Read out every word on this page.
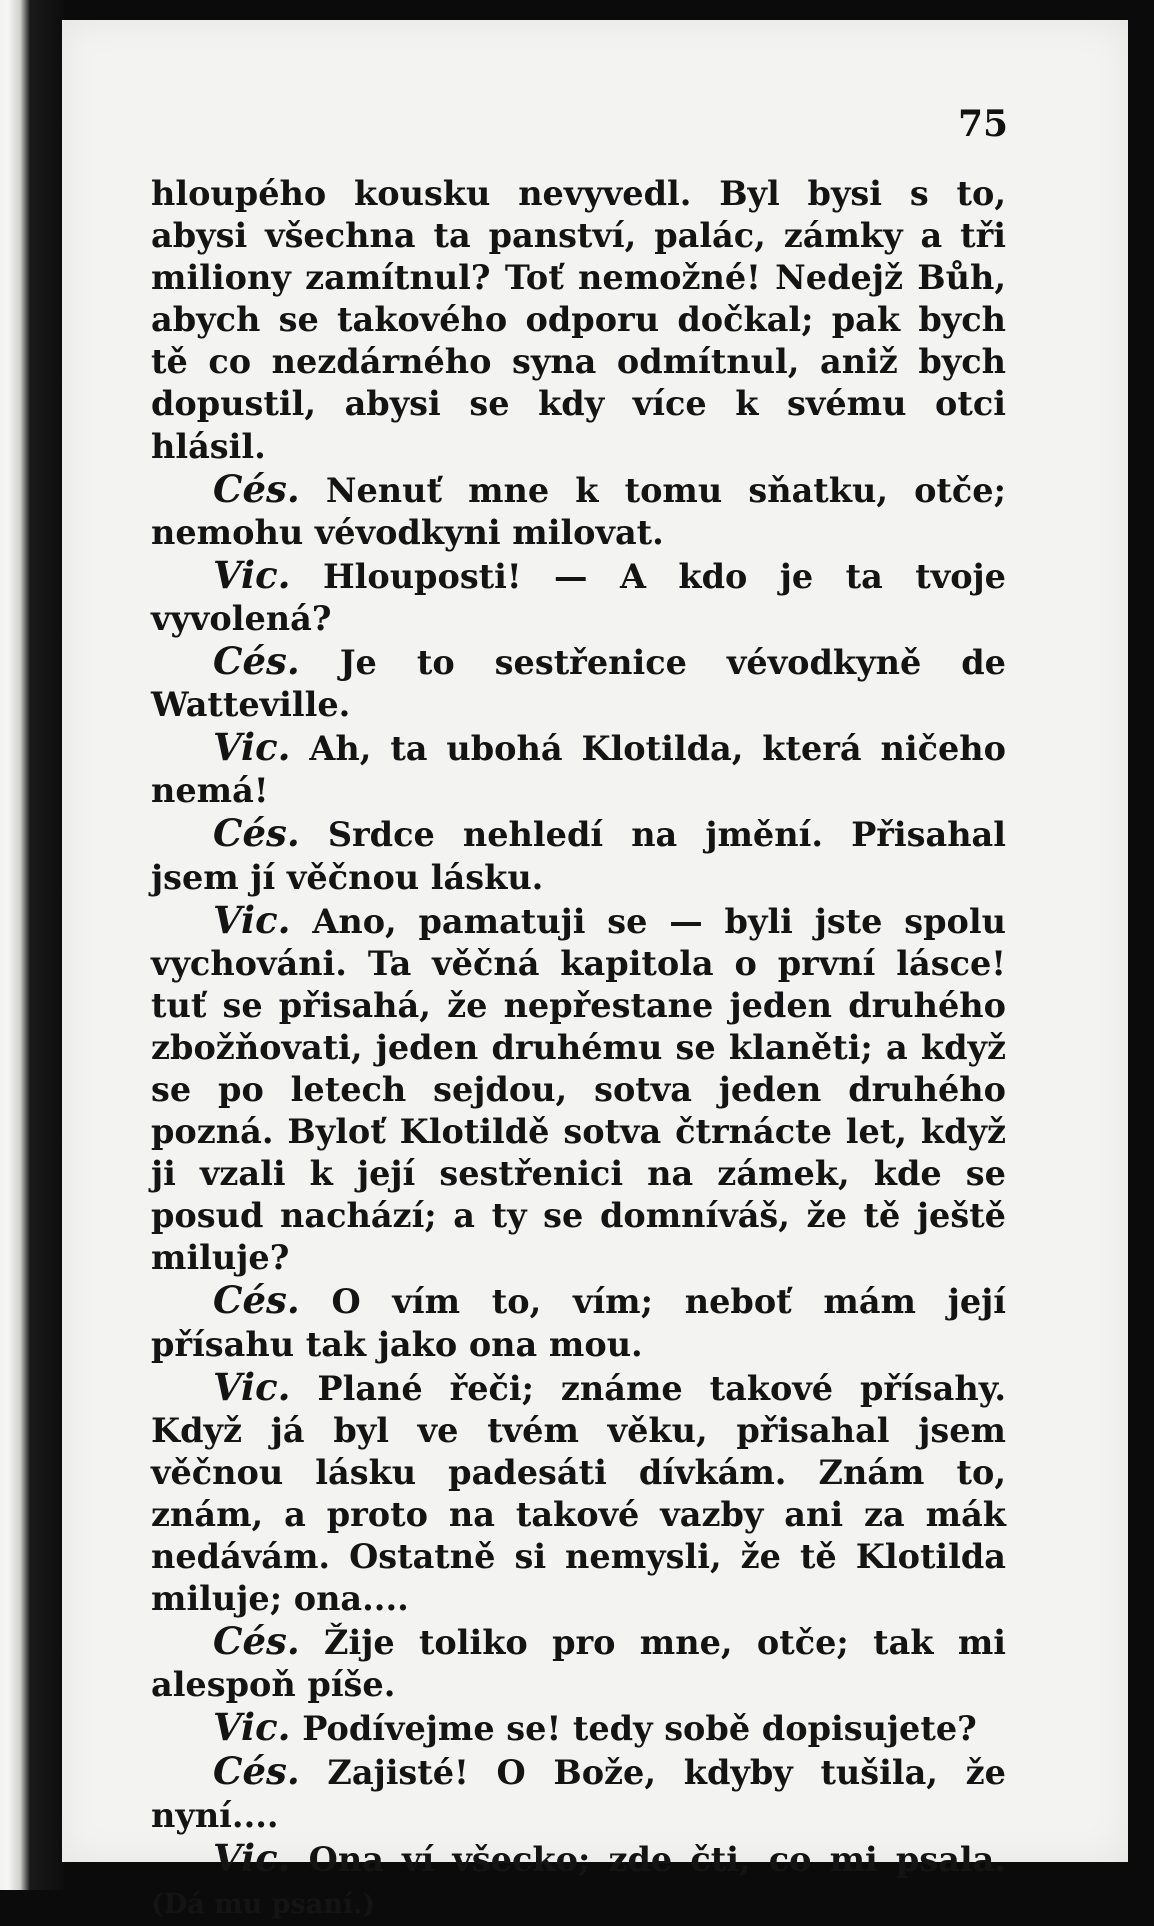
75

hloupého kousku nevyvedl. Byl bysi s to, abysi všechna ta panství, palác, zámky a tři miliony zamítnul? Toť nemožné! Nedejž Bůh, abych se takového odporu dočkal; pak bych tě co nezdárného syna odmítnul, aniž bych dopustil, abysi se kdy více k svému otci hlásil.

Cés. Nenuť mne k tomu sňatku, otče; nemohu vévodkyni milovat.

Vic. Hlouposti! — A kdo je ta tvoje vyvolená?

Cés. Je to sestřenice vévodkyně de Watteville.

Vic. Ah, ta ubohá Klotilda, která ničeho nemá!

Cés. Srdce nehledí na jmění. Přisahal jsem jí věčnou lásku.

Vic. Ano, pamatuji se — byli jste spolu vychováni. Ta věčná kapitola o první lásce! tuť se přisahá, že nepřestane jeden druhého zbožňovati, jeden druhému se klaněti; a když se po letech sejdou, sotva jeden druhého pozná. Byloť Klotildě sotva čtrnácte let, když ji vzali k její sestřenici na zámek, kde se posud nachází; a ty se domníváš, že tě ještě miluje?

Cés. O vím to, vím; neboť mám její přísahu tak jako ona mou.

Vic. Plané řeči; známe takové přísahy. Když já byl ve tvém věku, přisahal jsem věčnou lásku padesáti dívkám. Znám to, znám, a proto na takové vazby ani za mák nedávám. Ostatně si nemysli, že tě Klotilda miluje; ona....

Cés. Žije toliko pro mne, otče; tak mi alespoň píše.

Vic. Podívejme se! tedy sobě dopisujete?

Cés. Zajisté! O Bože, kdyby tušila, že nyní....

Vic. Ona ví všecko; zde čti, co mi psala. (Dá mu psaní.)
